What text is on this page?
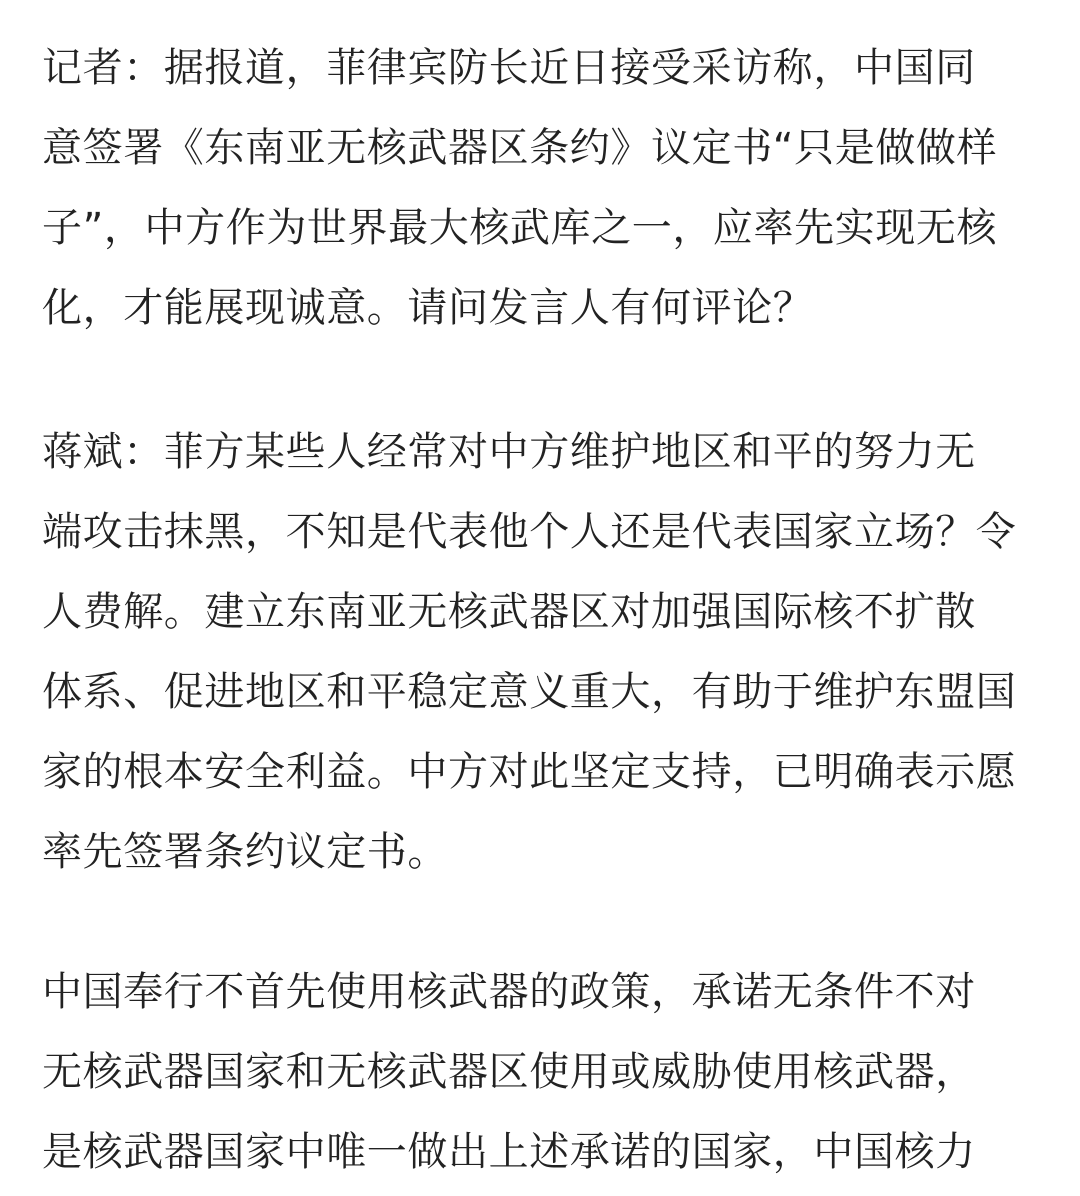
记者：据报道，菲律宾防长近日接受采访称，中国同
意签署《东南亚无核武器区条约》议定书“只是做做样
子”，中方作为世界最大核武库之一，应率先实现无核
化，才能展现诚意。请问发言人有何评论？

蒋斌：菲方某些人经常对中方维护地区和平的努力无
端攻击抹黑，不知是代表他个人还是代表国家立场？令
人费解。建立东南亚无核武器区对加强国际核不扩散
体系、促进地区和平稳定意义重大，有助于维护东盟国
家的根本安全利益。中方对此坚定支持，已明确表示愿
率先签署条约议定书。

中国奉行不首先使用核武器的政策，承诺无条件不对
无核武器国家和无核武器区使用或威胁使用核武器，
是核武器国家中唯一做出上述承诺的国家，中国核力
